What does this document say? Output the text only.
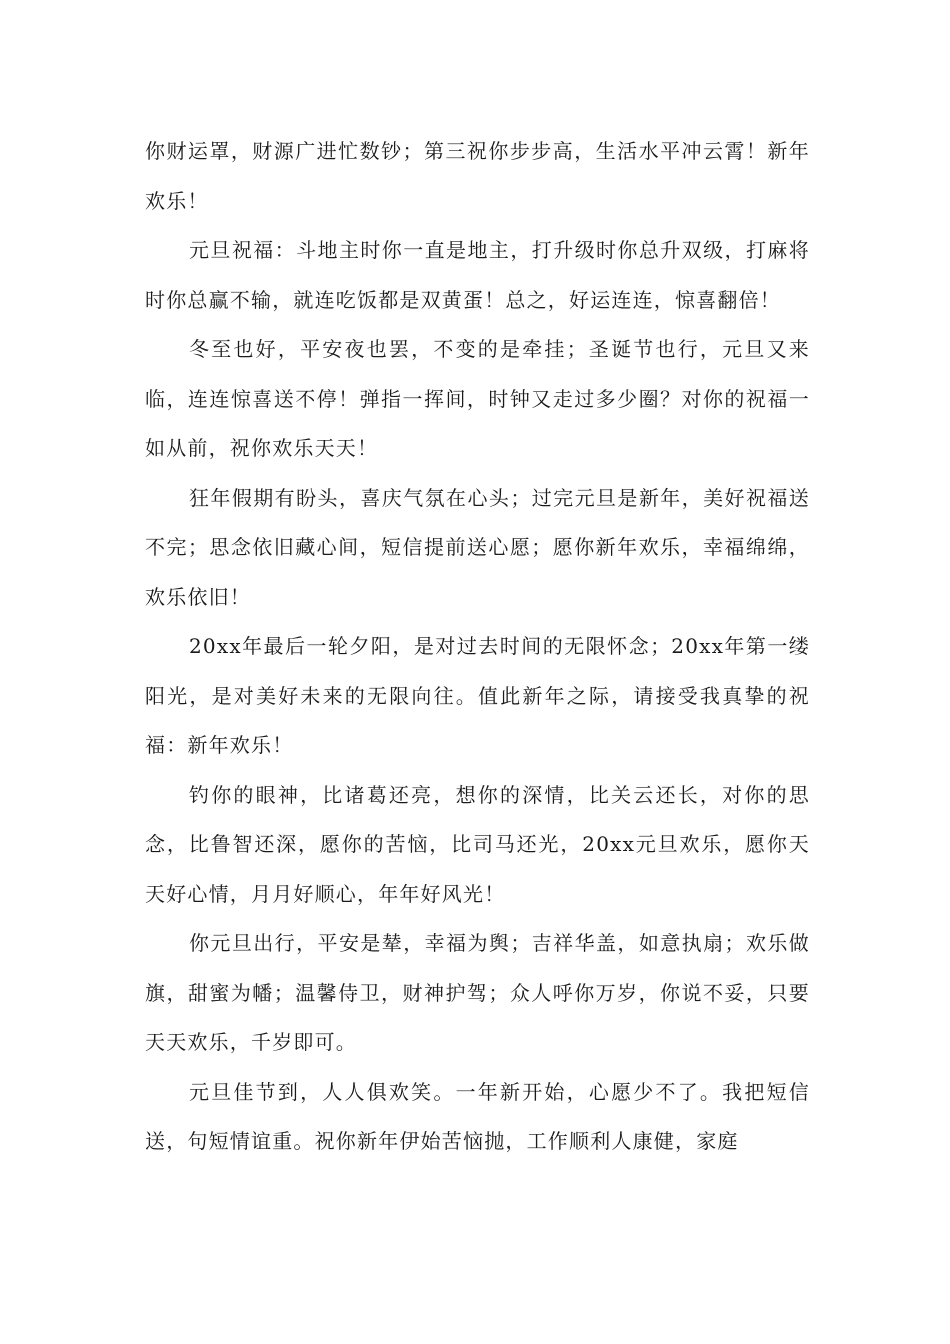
你财运罩，财源广进忙数钞；第三祝你步步高，生活水平冲云霄！新年欢乐！

元旦祝福：斗地主时你一直是地主，打升级时你总升双级，打麻将时你总赢不输，就连吃饭都是双黄蛋！总之，好运连连，惊喜翻倍！

冬至也好，平安夜也罢，不变的是牵挂；圣诞节也行，元旦又来临，连连惊喜送不停！弹指一挥间，时钟又走过多少圈？对你的祝福一如从前，祝你欢乐天天！

狂年假期有盼头，喜庆气氛在心头；过完元旦是新年，美好祝福送不完；思念依旧藏心间，短信提前送心愿；愿你新年欢乐，幸福绵绵，欢乐依旧！

20xx年最后一轮夕阳，是对过去时间的无限怀念；20xx年第一缕阳光，是对美好未来的无限向往。值此新年之际，请接受我真挚的祝福：新年欢乐！

钓你的眼神，比诸葛还亮，想你的深情，比关云还长，对你的思念，比鲁智还深，愿你的苦恼，比司马还光，20xx元旦欢乐，愿你天天好心情，月月好顺心，年年好风光！

你元旦出行，平安是辇，幸福为舆；吉祥华盖，如意执扇；欢乐做旗，甜蜜为幡；温馨侍卫，财神护驾；众人呼你万岁，你说不妥，只要天天欢乐，千岁即可。

元旦佳节到，人人俱欢笑。一年新开始，心愿少不了。我把短信送，句短情谊重。祝你新年伊始苦恼抛，工作顺利人康健，家庭
